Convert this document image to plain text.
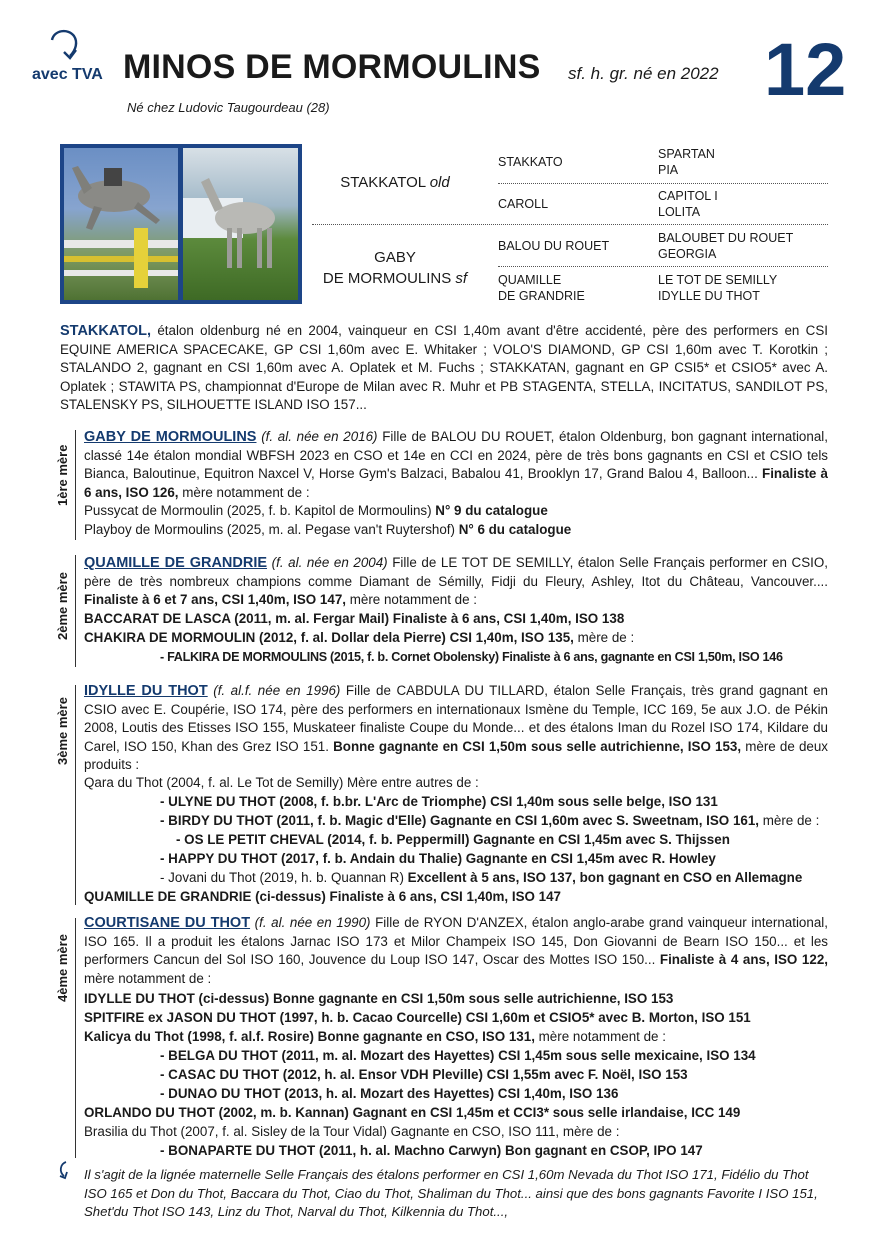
avec TVA MINOS DE MORMOULINS sf. h. gr. né en 2022 12
Né chez Ludovic Taugourdeau (28)
STAKKATOL old
GABY
DE MORMOULINS sf
STAKKATO
CAROLL
BALOU DU ROUET
QUAMILLE
DE GRANDRIE
SPARTAN
PIA
CAPITOL I
LOLITA
BALOUBET DU ROUET
GEORGIA
LE TOT DE SEMILLY
IDYLLE DU THOT

STAKKATOL, étalon oldenburg né en 2004, vainqueur en CSI 1,40m avant d'être accidenté, père des performers en CSI EQUINE AMERICA SPACECAKE, GP CSI 1,60m avec E. Whitaker ; VOLO'S DIAMOND, GP CSI 1,60m avec T. Korotkin ; STALANDO 2, gagnant en CSI 1,60m avec A. Oplatek et M. Fuchs ; STAKKATAN, gagnant en GP CSI5* et CSIO5* avec A. Oplatek ; STAWITA PS, championnat d'Europe de Milan avec R. Muhr et PB STAGENTA, STELLA, INCITATUS, SANDILOT PS, STALENSKY PS, SILHOUETTE ISLAND ISO 157...

1ère mère

GABY DE MORMOULINS (f. al. née en 2016) Fille de BALOU DU ROUET, étalon Oldenburg, bon gagnant international, classé 14e étalon mondial WBFSH 2023 en CSO et 14e en CCI en 2024, père de très bons gagnants en CSI et CSIO tels Bianca, Baloutinue, Equitron Naxcel V, Horse Gym's Balzaci, Babalou 41, Brooklyn 17, Grand Balou 4, Balloon... Finaliste à 6 ans, ISO 126, mère notamment de :

Pussycat de Mormoulin (2025, f. b. Kapitol de Mormoulins) N° 9 du catalogue
Playboy de Mormoulins (2025, m. al. Pegase van't Ruytershof) N° 6 du catalogue
2ème mère

QUAMILLE DE GRANDRIE (f. al. née en 2004) Fille de LE TOT DE SEMILLY, étalon Selle Français performer en CSIO, père de très nombreux champions comme Diamant de Sémilly, Fidji du Fleury, Ashley, Itot du Château, Vancouver.... Finaliste à 6 et 7 ans, CSI 1,40m, ISO 147, mère notamment de :

BACCARAT DE LASCA (2011, m. al. Fergar Mail) Finaliste à 6 ans, CSI 1,40m, ISO 138
CHAKIRA DE MORMOULIN (2012, f. al. Dollar dela Pierre) CSI 1,40m, ISO 135, mère de :
- FALKIRA DE MORMOULINS (2015, f. b. Cornet Obolensky) Finaliste à 6 ans, gagnante en CSI 1,50m, ISO 146
3ème mère

IDYLLE DU THOT (f. al.f. née en 1996) Fille de CABDULA DU TILLARD, étalon Selle Français, très grand gagnant en CSIO avec E. Coupérie, ISO 174, père des performers en internationaux Ismène du Temple, ICC 169, 5e aux J.O. de Pékin 2008, Loutis des Etisses ISO 155, Muskateer finaliste Coupe du Monde... et des étalons Iman du Rozel ISO 174, Kildare du Carel, ISO 150, Khan des Grez ISO 151. Bonne gagnante en CSI 1,50m sous selle autrichienne, ISO 153, mère de deux produits :

Qara du Thot (2004, f. al. Le Tot de Semilly) Mère entre autres de :
- ULYNE DU THOT (2008, f. b.br. L'Arc de Triomphe) CSI 1,40m sous selle belge, ISO 131
- BIRDY DU THOT (2011, f. b. Magic d'Elle) Gagnante en CSI 1,60m avec S. Sweetnam, ISO 161, mère de :
- OS LE PETIT CHEVAL (2014, f. b. Peppermill) Gagnante en CSI 1,45m avec S. Thijssen
- HAPPY DU THOT (2017, f. b. Andain du Thalie) Gagnante en CSI 1,45m avec R. Howley
- Jovani du Thot (2019, h. b. Quannan R) Excellent à 5 ans, ISO 137, bon gagnant en CSO en Allemagne
QUAMILLE DE GRANDRIE (ci-dessus) Finaliste à 6 ans, CSI 1,40m, ISO 147
4ème mère

COURTISANE DU THOT (f. al. née en 1990) Fille de RYON D'ANZEX, étalon anglo-arabe grand vainqueur international, ISO 165. Il a produit les étalons Jarnac ISO 173 et Milor Champeix ISO 145, Don Giovanni de Bearn ISO 150... et les performers Cancun del Sol ISO 160, Jouvence du Loup ISO 147, Oscar des Mottes ISO 150... Finaliste à 4 ans, ISO 122, mère notamment de :

IDYLLE DU THOT (ci-dessus) Bonne gagnante en CSI 1,50m sous selle autrichienne, ISO 153
SPITFIRE ex JASON DU THOT (1997, h. b. Cacao Courcelle) CSI 1,60m et CSIO5* avec B. Morton, ISO 151
Kalicya du Thot (1998, f. al.f. Rosire) Bonne gagnante en CSO, ISO 131, mère notamment de :
- BELGA DU THOT (2011, m. al. Mozart des Hayettes) CSI 1,45m sous selle mexicaine, ISO 134
- CASAC DU THOT (2012, h. al. Ensor VDH Pleville) CSI 1,55m avec F. Noël, ISO 153
- DUNAO DU THOT (2013, h. al. Mozart des Hayettes) CSI 1,40m, ISO 136
ORLANDO DU THOT (2002, m. b. Kannan) Gagnant en CSI 1,45m et CCI3* sous selle irlandaise, ICC 149
Brasilia du Thot (2007, f. al. Sisley de la Tour Vidal) Gagnante en CSO, ISO 111, mère de :
- BONAPARTE DU THOT (2011, h. al. Machno Carwyn) Bon gagnant en CSOP, IPO 147

Il s'agit de la lignée maternelle Selle Français des étalons performer en CSI 1,60m Nevada du Thot ISO 171, Fidélio du Thot ISO 165 et Don du Thot, Baccara du Thot, Ciao du Thot, Shaliman du Thot... ainsi que des bons gagnants Favorite I ISO 151, Shet'du Thot ISO 143, Linz du Thot, Narval du Thot, Kilkennia du Thot...,
